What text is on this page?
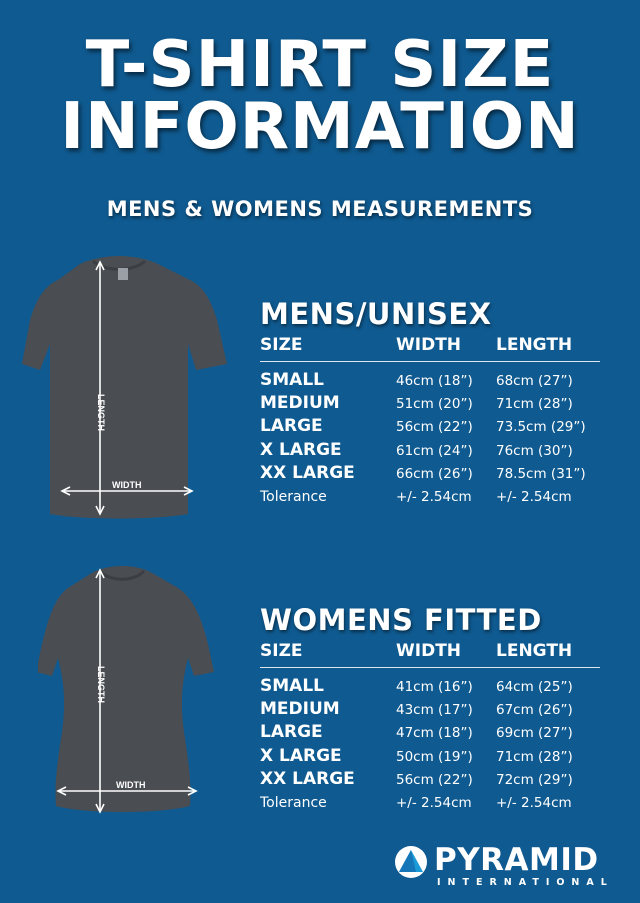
T-SHIRT SIZE
INFORMATION
MENS & WOMENS MEASUREMENTS
LENGTH
WIDTH
LENGTH
WIDTH
MENS/UNISEX
SIZE	WIDTH LENGTH
SMALL	46cm (18”) 68cm (27”)
MEDIUM	51cm (20”) 71cm (28”)
LARGE	56cm (22”) 73.5cm (29”)
X LARGE	61cm (24”) 76cm (30”)
XX LARGE	66cm (26”) 78.5cm (31”)
Tolerance	+/- 2.54cm +/- 2.54cm
WOMENS FITTED
SIZE	WIDTH LENGTH
SMALL	41cm (16”) 64cm (25”)
MEDIUM	43cm (17”) 67cm (26”)
LARGE	47cm (18”) 69cm (27”)
X LARGE	50cm (19”) 71cm (28”)
XX LARGE	56cm (22”) 72cm (29”)
Tolerance	+/- 2.54cm +/- 2.54cm
PYRAMID
INTERNATIONAL
